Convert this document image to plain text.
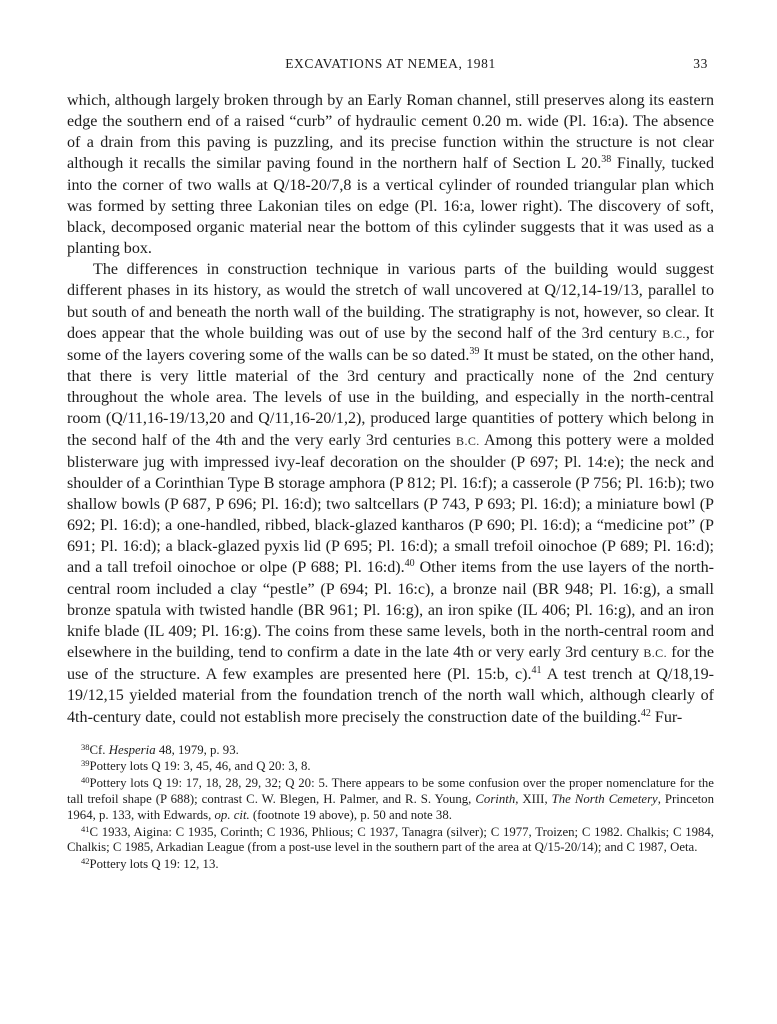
EXCAVATIONS AT NEMEA, 1981	33

which, although largely broken through by an Early Roman channel, still preserves along its eastern edge the southern end of a raised “curb” of hydraulic cement 0.20 m. wide (Pl. 16:a). The absence of a drain from this paving is puzzling, and its precise function within the structure is not clear although it recalls the similar paving found in the northern half of Section L 20.38 Finally, tucked into the corner of two walls at Q/18-20/7,8 is a vertical cylinder of rounded triangular plan which was formed by setting three Lakonian tiles on edge (Pl. 16:a, lower right). The discovery of soft, black, decomposed organic material near the bottom of this cylinder suggests that it was used as a planting box.

The differences in construction technique in various parts of the building would suggest different phases in its history, as would the stretch of wall uncovered at Q/12,14-19/13, parallel to but south of and beneath the north wall of the building. The stratigraphy is not, however, so clear. It does appear that the whole building was out of use by the second half of the 3rd century B.C., for some of the layers covering some of the walls can be so dated.$^{39}$ It must be stated, on the other hand, that there is very little material of the 3rd century and practically none of the 2nd century throughout the whole area. The levels of use in the building, and especially in the north-central room (Q/11,16-19/13,20 and Q/11,16-20/1,2), produced large quantities of pottery which belong in the second half of the 4th and the very early 3rd centuries B.C. Among this pottery were a molded blisterware jug with impressed ivy-leaf decoration on the shoulder (P 697; Pl. 14:e); the neck and shoulder of a Corinthian Type B storage amphora (P 812; Pl. 16:f); a casserole (P 756; Pl. 16:b); two shallow bowls (P 687, P 696; Pl. 16:d); two saltcellars (P 743, P 693; Pl. 16:d); a miniature bowl (P 692; Pl. 16:d); a one-handled, ribbed, black-glazed kantharos (P 690; Pl. 16:d); a “medicine pot” (P 691; Pl. 16:d); a black-glazed pyxis lid (P 695; Pl. 16:d); a small trefoil oinochoe (P 689; Pl. 16:d); and a tall trefoil oinochoe or olpe (P 688; Pl. 16:d).$^{40}$ Other items from the use layers of the north-central room included a clay “pestle” (P 694; Pl. 16:c), a bronze nail (BR 948; Pl. 16:g), a small bronze spatula with twisted handle (BR 961; Pl. 16:g), an iron spike (IL 406; Pl. 16:g), and an iron knife blade (IL 409; Pl. 16:g). The coins from these same levels, both in the north-central room and elsewhere in the building, tend to confirm a date in the late 4th or very early 3rd century B.C. for the use of the structure. A few examples are presented here (Pl. 15:b, c).$^{41}$ A test trench at Q/18,19-19/12,15 yielded material from the foundation trench of the north wall which, although clearly of 4th-century date, could not establish more precisely the construction date of the building.$^{42}$ Fur-

$^{38}$Cf. Hesperia 48, 1979, p. 93.

$^{39}$Pottery lots Q 19: 3, 45, 46, and Q 20: 3, 8.

$^{40}$Pottery lots Q 19: 17, 18, 28, 29, 32; Q 20: 5. There appears to be some confusion over the proper nomenclature for the tall trefoil shape (P 688); contrast C. W. Blegen, H. Palmer, and R. S. Young, Corinth, XIII, The North Cemetery, Princeton 1964, p. 133, with Edwards, op. cit. (footnote 19 above), p. 50 and note 38.

$^{41}$C 1933, Aigina: C 1935, Corinth; C 1936, Phlious; C 1937, Tanagra (silver); C 1977, Troizen; C 1982. Chalkis; C 1984, Chalkis; C 1985, Arkadian League (from a post-use level in the southern part of the area at Q/15-20/14); and C 1987, Oeta.

$^{42}$Pottery lots Q 19: 12, 13.
